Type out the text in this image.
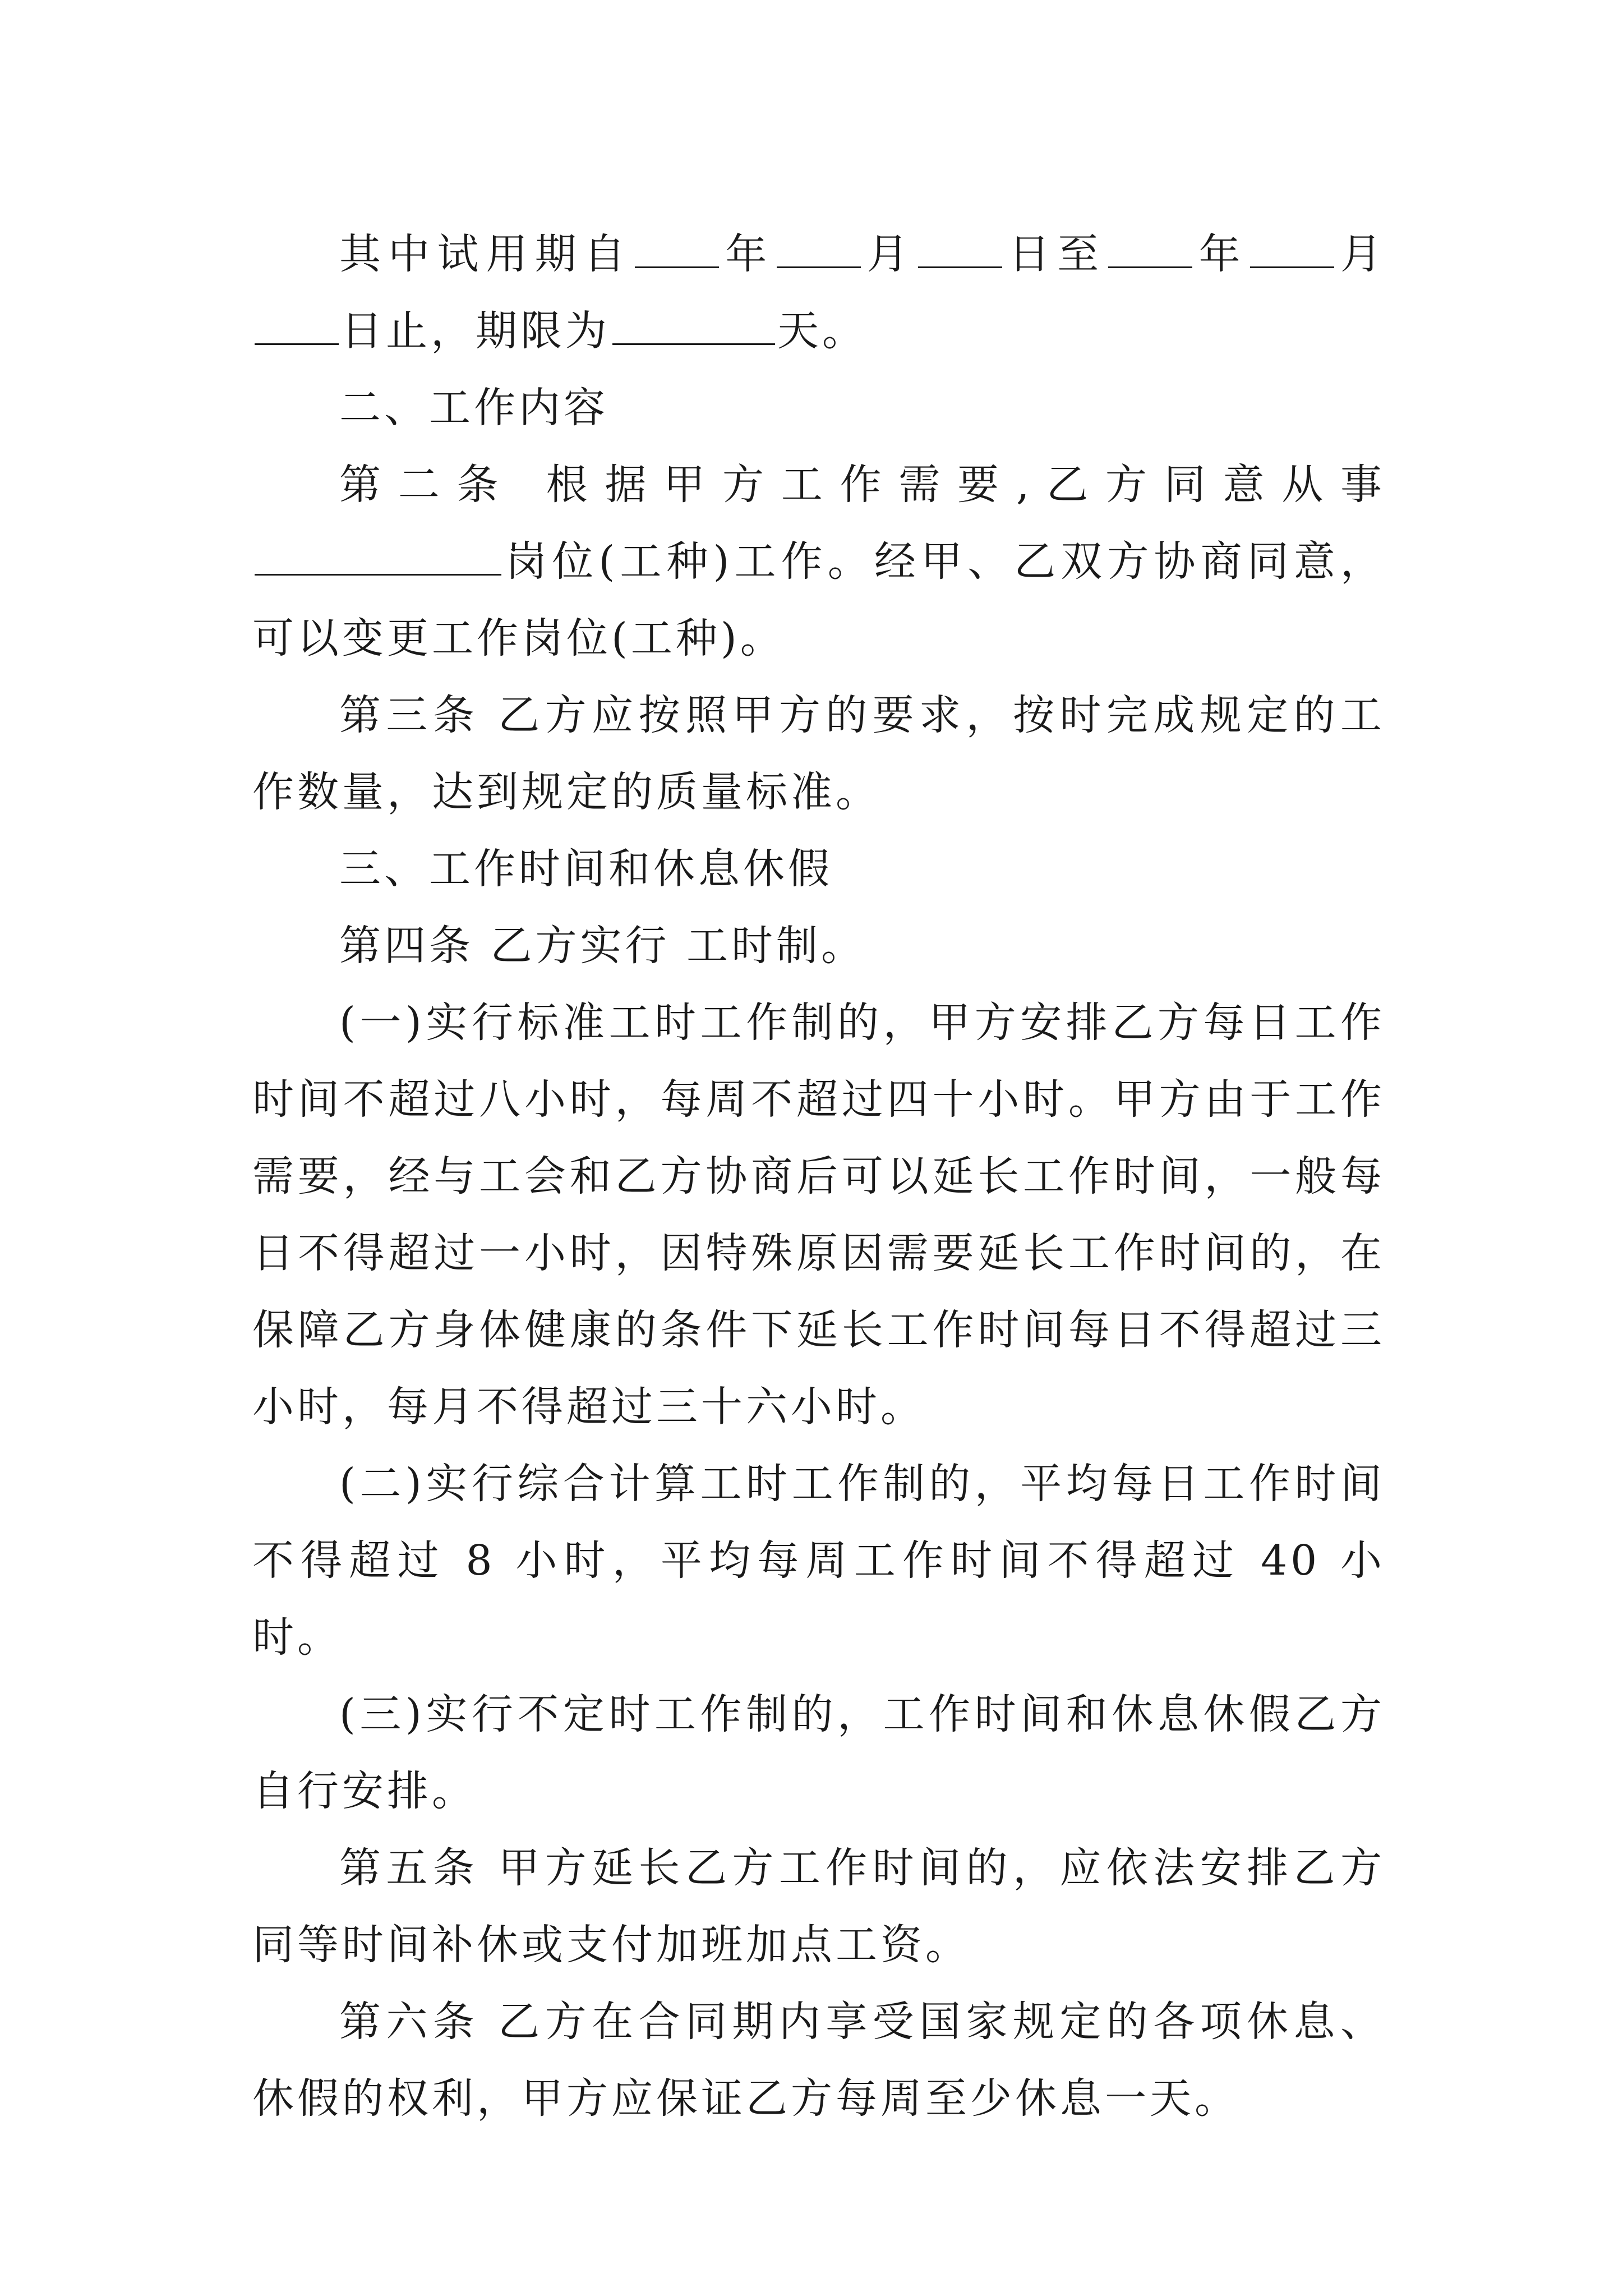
其中试用期自 年 月 日至 年 月日止，期限为	天。

二、工作内容

第二条 根据甲方工作需要,乙方同意从事岗位(工种)工作。经甲、乙双方协商同意，可以变更工作岗位(工种)。

第三条 乙方应按照甲方的要求，按时完成规定的工作数量，达到规定的质量标准。

三、工作时间和休息休假

第四条 乙方实行 工时制。

(一)实行标准工时工作制的，甲方安排乙方每日工作时间不超过八小时，每周不超过四十小时。甲方由于工作需要，经与工会和乙方协商后可以延长工作时间，一般每日不得超过一小时，因特殊原因需要延长工作时间的，在保障乙方身体健康的条件下延长工作时间每日不得超过三小时，每月不得超过三十六小时。

(二)实行综合计算工时工作制的，平均每日工作时间不得超过 8 小时，平均每周工作时间不得超过 40 小时。

(三)实行不定时工作制的，工作时间和休息休假乙方自行安排。

第五条 甲方延长乙方工作时间的，应依法安排乙方同等时间补休或支付加班加点工资。

第六条 乙方在合同期内享受国家规定的各项休息、休假的权利，甲方应保证乙方每周至少休息一天。
